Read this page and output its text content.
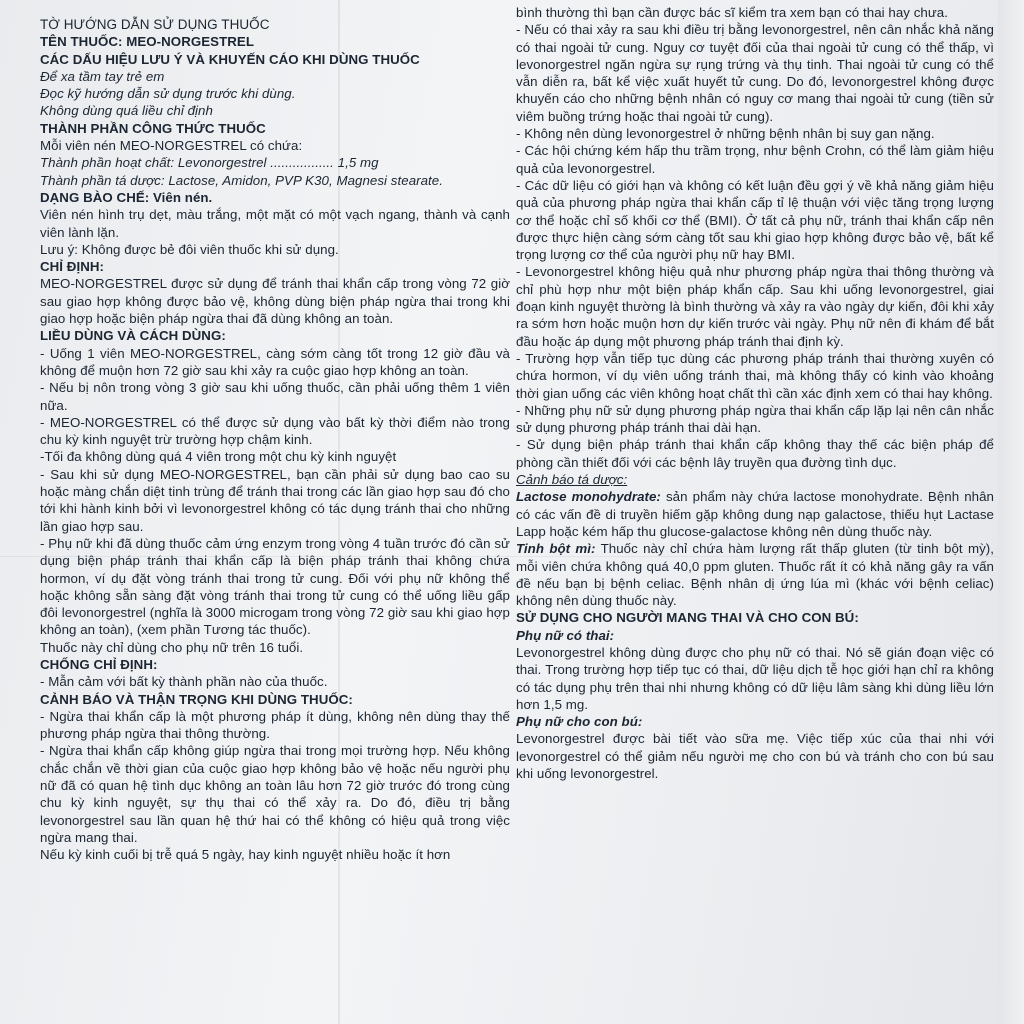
TỜ HƯỚNG DẪN SỬ DỤNG THUỐC

TÊN THUỐC: MEO-NORGESTREL

CÁC DẤU HIỆU LƯU Ý VÀ KHUYẾN CÁO KHI DÙNG THUỐC

Để xa tầm tay trẻ em

Đọc kỹ hướng dẫn sử dụng trước khi dùng.

Không dùng quá liều chỉ định

THÀNH PHẦN CÔNG THỨC THUỐC

Mỗi viên nén MEO-NORGESTREL có chứa:

Thành phần hoạt chất: Levonorgestrel ................. 1,5 mg

Thành phần tá dược: Lactose, Amidon, PVP K30, Magnesi stearate.

DẠNG BÀO CHẾ: Viên nén.

Viên nén hình trụ dẹt, màu trắng, một mặt có một vạch ngang, thành và cạnh viên lành lặn.

Lưu ý: Không được bẻ đôi viên thuốc khi sử dụng.

CHỈ ĐỊNH:

MEO-NORGESTREL được sử dụng để tránh thai khẩn cấp trong vòng 72 giờ sau giao hợp không được bảo vệ, không dùng biện pháp ngừa thai trong khi giao hợp hoặc biện pháp ngừa thai đã dùng không an toàn.

LIỀU DÙNG VÀ CÁCH DÙNG:

- Uống 1 viên MEO-NORGESTREL, càng sớm càng tốt trong 12 giờ đầu và không để muộn hơn 72 giờ sau khi xảy ra cuộc giao hợp không an toàn.

- Nếu bị nôn trong vòng 3 giờ sau khi uống thuốc, cần phải uống thêm 1 viên nữa.

- MEO-NORGESTREL có thể được sử dụng vào bất kỳ thời điểm nào trong chu kỳ kinh nguyệt trừ trường hợp chậm kinh.

-Tối đa không dùng quá 4 viên trong một chu kỳ kinh nguyệt

- Sau khi sử dụng MEO-NORGESTREL, bạn cần phải sử dụng bao cao su hoặc màng chắn diệt tinh trùng để tránh thai trong các lần giao hợp sau đó cho tới khi hành kinh bởi vì levonorgestrel không có tác dụng tránh thai cho những lần giao hợp sau.

- Phụ nữ khi đã dùng thuốc cảm ứng enzym trong vòng 4 tuần trước đó cần sử dụng biện pháp tránh thai khẩn cấp là biện pháp tránh thai không chứa hormon, ví dụ đặt vòng tránh thai trong tử cung. Đối với phụ nữ không thể hoặc không sẵn sàng đặt vòng tránh thai trong tử cung có thể uống liều gấp đôi levonorgestrel (nghĩa là 3000 microgam trong vòng 72 giờ sau khi giao hợp không an toàn), (xem phần Tương tác thuốc).

Thuốc này chỉ dùng cho phụ nữ trên 16 tuổi.

CHỐNG CHỈ ĐỊNH:

- Mẫn cảm với bất kỳ thành phần nào của thuốc.

CẢNH BÁO VÀ THẬN TRỌNG KHI DÙNG THUỐC:

- Ngừa thai khẩn cấp là một phương pháp ít dùng, không nên dùng thay thế phương pháp ngừa thai thông thường.

- Ngừa thai khẩn cấp không giúp ngừa thai trong mọi trường hợp. Nếu không chắc chắn về thời gian của cuộc giao hợp không bảo vệ hoặc nếu người phụ nữ đã có quan hệ tình dục không an toàn lâu hơn 72 giờ trước đó trong cùng chu kỳ kinh nguyệt, sự thụ thai có thể xảy ra. Do đó, điều trị bằng levonorgestrel sau lần quan hệ thứ hai có thể không có hiệu quả trong việc ngừa mang thai.

Nếu kỳ kinh cuối bị trễ quá 5 ngày, hay kinh nguyệt nhiều hoặc ít hơn

bình thường thì bạn cần được bác sĩ kiểm tra xem bạn có thai hay chưa.

- Nếu có thai xảy ra sau khi điều trị bằng levonorgestrel, nên cân nhắc khả năng có thai ngoài tử cung. Nguy cơ tuyệt đối của thai ngoài tử cung có thể thấp, vì levonorgestrel ngăn ngừa sự rụng trứng và thụ tinh. Thai ngoài tử cung có thể vẫn diễn ra, bất kể việc xuất huyết tử cung. Do đó, levonorgestrel không được khuyến cáo cho những bệnh nhân có nguy cơ mang thai ngoài tử cung (tiền sử viêm buồng trứng hoặc thai ngoài tử cung).

- Không nên dùng levonorgestrel ở những bệnh nhân bị suy gan nặng.

- Các hội chứng kém hấp thu trầm trọng, như bệnh Crohn, có thể làm giảm hiệu quả của levonorgestrel.

- Các dữ liệu có giới hạn và không có kết luận đều gợi ý về khả năng giảm hiệu quả của phương pháp ngừa thai khẩn cấp tỉ lệ thuận với việc tăng trọng lượng cơ thể hoặc chỉ số khối cơ thể (BMI). Ở tất cả phụ nữ, tránh thai khẩn cấp nên được thực hiện càng sớm càng tốt sau khi giao hợp không được bảo vệ, bất kể trọng lượng cơ thể của người phụ nữ hay BMI.

- Levonorgestrel không hiệu quả như phương pháp ngừa thai thông thường và chỉ phù hợp như một biện pháp khẩn cấp. Sau khi uống levonorgestrel, giai đoạn kinh nguyệt thường là bình thường và xảy ra vào ngày dự kiến, đôi khi xảy ra sớm hơn hoặc muộn hơn dự kiến trước vài ngày. Phụ nữ nên đi khám để bắt đầu hoặc áp dụng một phương pháp tránh thai định kỳ.

- Trường hợp vẫn tiếp tục dùng các phương pháp tránh thai thường xuyên có chứa hormon, ví dụ viên uống tránh thai, mà không thấy có kinh vào khoảng thời gian uống các viên không hoạt chất thì cần xác định xem có thai hay không.

- Những phụ nữ sử dụng phương pháp ngừa thai khẩn cấp lặp lại nên cân nhắc sử dụng phương pháp tránh thai dài hạn.

- Sử dụng biện pháp tránh thai khẩn cấp không thay thế các biện pháp để phòng cần thiết đối với các bệnh lây truyền qua đường tình dục.

Cảnh báo tá dược:

Lactose monohydrate: sản phẩm này chứa lactose monohydrate. Bệnh nhân có các vấn đề di truyền hiếm gặp không dung nạp galactose, thiếu hụt Lactase Lapp hoặc kém hấp thu glucose-galactose không nên dùng thuốc này.

Tinh bột mì: Thuốc này chỉ chứa hàm lượng rất thấp gluten (từ tinh bột mỳ), mỗi viên chứa không quá 40,0 ppm gluten. Thuốc rất ít có khả năng gây ra vấn đề nếu bạn bị bệnh celiac. Bệnh nhân dị ứng lúa mì (khác với bệnh celiac) không nên dùng thuốc này.

SỬ DỤNG CHO NGƯỜI MANG THAI VÀ CHO CON BÚ:

Phụ nữ có thai:

Levonorgestrel không dùng được cho phụ nữ có thai. Nó sẽ gián đoạn việc có thai. Trong trường hợp tiếp tục có thai, dữ liệu dịch tễ học giới hạn chỉ ra không có tác dụng phụ trên thai nhi nhưng không có dữ liệu lâm sàng khi dùng liều lớn hơn 1,5 mg.

Phụ nữ cho con bú:

Levonorgestrel được bài tiết vào sữa mẹ. Việc tiếp xúc của thai nhi với levonorgestrel có thể giảm nếu người mẹ cho con bú và tránh cho con bú sau khi uống levonorgestrel.
